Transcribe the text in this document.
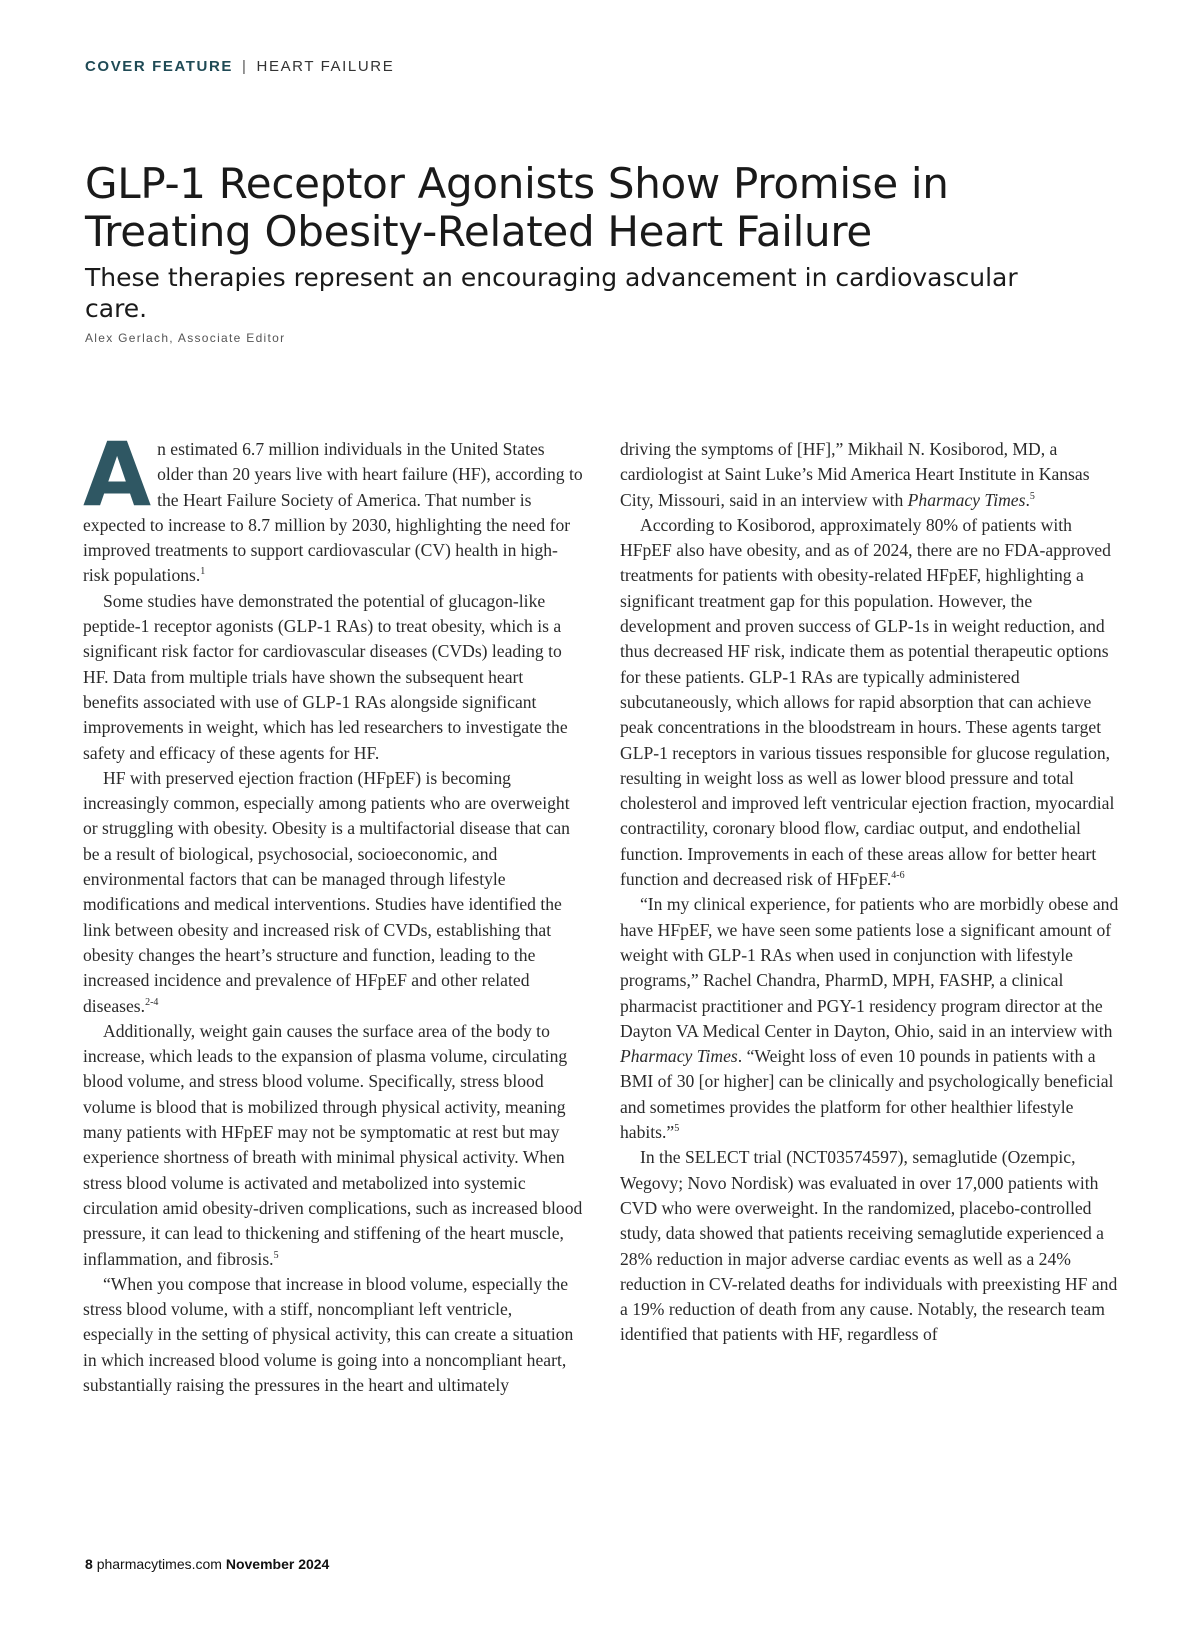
COVER FEATURE | HEART FAILURE
GLP-1 Receptor Agonists Show Promise in
Treating Obesity-Related Heart Failure

These therapies represent an encouraging advancement in cardiovascular care.

Alex Gerlach, Associate Editor

An estimated 6.7 million individuals in the United States older than 20 years live with heart failure (HF), according to the Heart Failure Society of America. That number is expected to increase to 8.7 million by 2030, highlighting the need for improved treatments to support cardiovascular (CV) health in high-risk populations.$^1$

Some studies have demonstrated the potential of glucagon-like peptide-1 receptor agonists (GLP-1 RAs) to treat obesity, which is a significant risk factor for cardiovascular diseases (CVDs) leading to HF. Data from multiple trials have shown the subsequent heart benefits associated with use of GLP-1 RAs alongside significant improvements in weight, which has led researchers to investigate the safety and efficacy of these agents for HF.

HF with preserved ejection fraction (HFpEF) is becoming increasingly common, especially among patients who are overweight or struggling with obesity. Obesity is a multifactorial disease that can be a result of biological, psychosocial, socioeconomic, and environmental factors that can be managed through lifestyle modifications and medical interventions. Studies have identified the link between obesity and increased risk of CVDs, establishing that obesity changes the heart’s structure and function, leading to the increased incidence and prevalence of HFpEF and other related diseases.$^{2-4}$

Additionally, weight gain causes the surface area of the body to increase, which leads to the expansion of plasma volume, circulating blood volume, and stress blood volume. Specifically, stress blood volume is blood that is mobilized through physical activity, meaning many patients with HFpEF may not be symptomatic at rest but may experience shortness of breath with minimal physical activity. When stress blood volume is activated and metabolized into systemic circulation amid obesity-driven complications, such as increased blood pressure, it can lead to thickening and stiffening of the heart muscle, inflammation, and fibrosis.$^5$

“When you compose that increase in blood volume, especially the stress blood volume, with a stiff, noncompliant left ventricle, especially in the setting of physical activity, this can create a situation in which increased blood volume is going into a noncompliant heart, substantially raising the pressures in the heart and ultimately

driving the symptoms of [HF],” Mikhail N. Kosiborod, MD, a cardiologist at Saint Luke’s Mid America Heart Institute in Kansas City, Missouri, said in an interview with Pharmacy Times.$^5$

According to Kosiborod, approximately 80% of patients with HFpEF also have obesity, and as of 2024, there are no FDA-approved treatments for patients with obesity-related HFpEF, highlighting a significant treatment gap for this population. However, the development and proven success of GLP-1s in weight reduction, and thus decreased HF risk, indicate them as potential therapeutic options for these patients. GLP-1 RAs are typically administered subcutaneously, which allows for rapid absorption that can achieve peak concentrations in the bloodstream in hours. These agents target GLP-1 receptors in various tissues responsible for glucose regulation, resulting in weight loss as well as lower blood pressure and total cholesterol and improved left ventricular ejection fraction, myocardial contractility, coronary blood flow, cardiac output, and endothelial function. Improvements in each of these areas allow for better heart function and decreased risk of HFpEF.$^{4-6}$

“In my clinical experience, for patients who are morbidly obese and have HFpEF, we have seen some patients lose a significant amount of weight with GLP-1 RAs when used in conjunction with lifestyle programs,” Rachel Chandra, PharmD, MPH, FASHP, a clinical pharmacist practitioner and PGY-1 residency program director at the Dayton VA Medical Center in Dayton, Ohio, said in an interview with Pharmacy Times. “Weight loss of even 10 pounds in patients with a BMI of 30 [or higher] can be clinically and psychologically beneficial and sometimes provides the platform for other healthier lifestyle habits.”$^5$

In the SELECT trial (NCT03574597), semaglutide (Ozempic, Wegovy; Novo Nordisk) was evaluated in over 17,000 patients with CVD who were overweight. In the randomized, placebo-controlled study, data showed that patients receiving semaglutide experienced a 28% reduction in major adverse cardiac events as well as a 24% reduction in CV-related deaths for individuals with preexisting HF and a 19% reduction of death from any cause. Notably, the research team identified that patients with HF, regardless of

8 pharmacytimes.com November 2024
